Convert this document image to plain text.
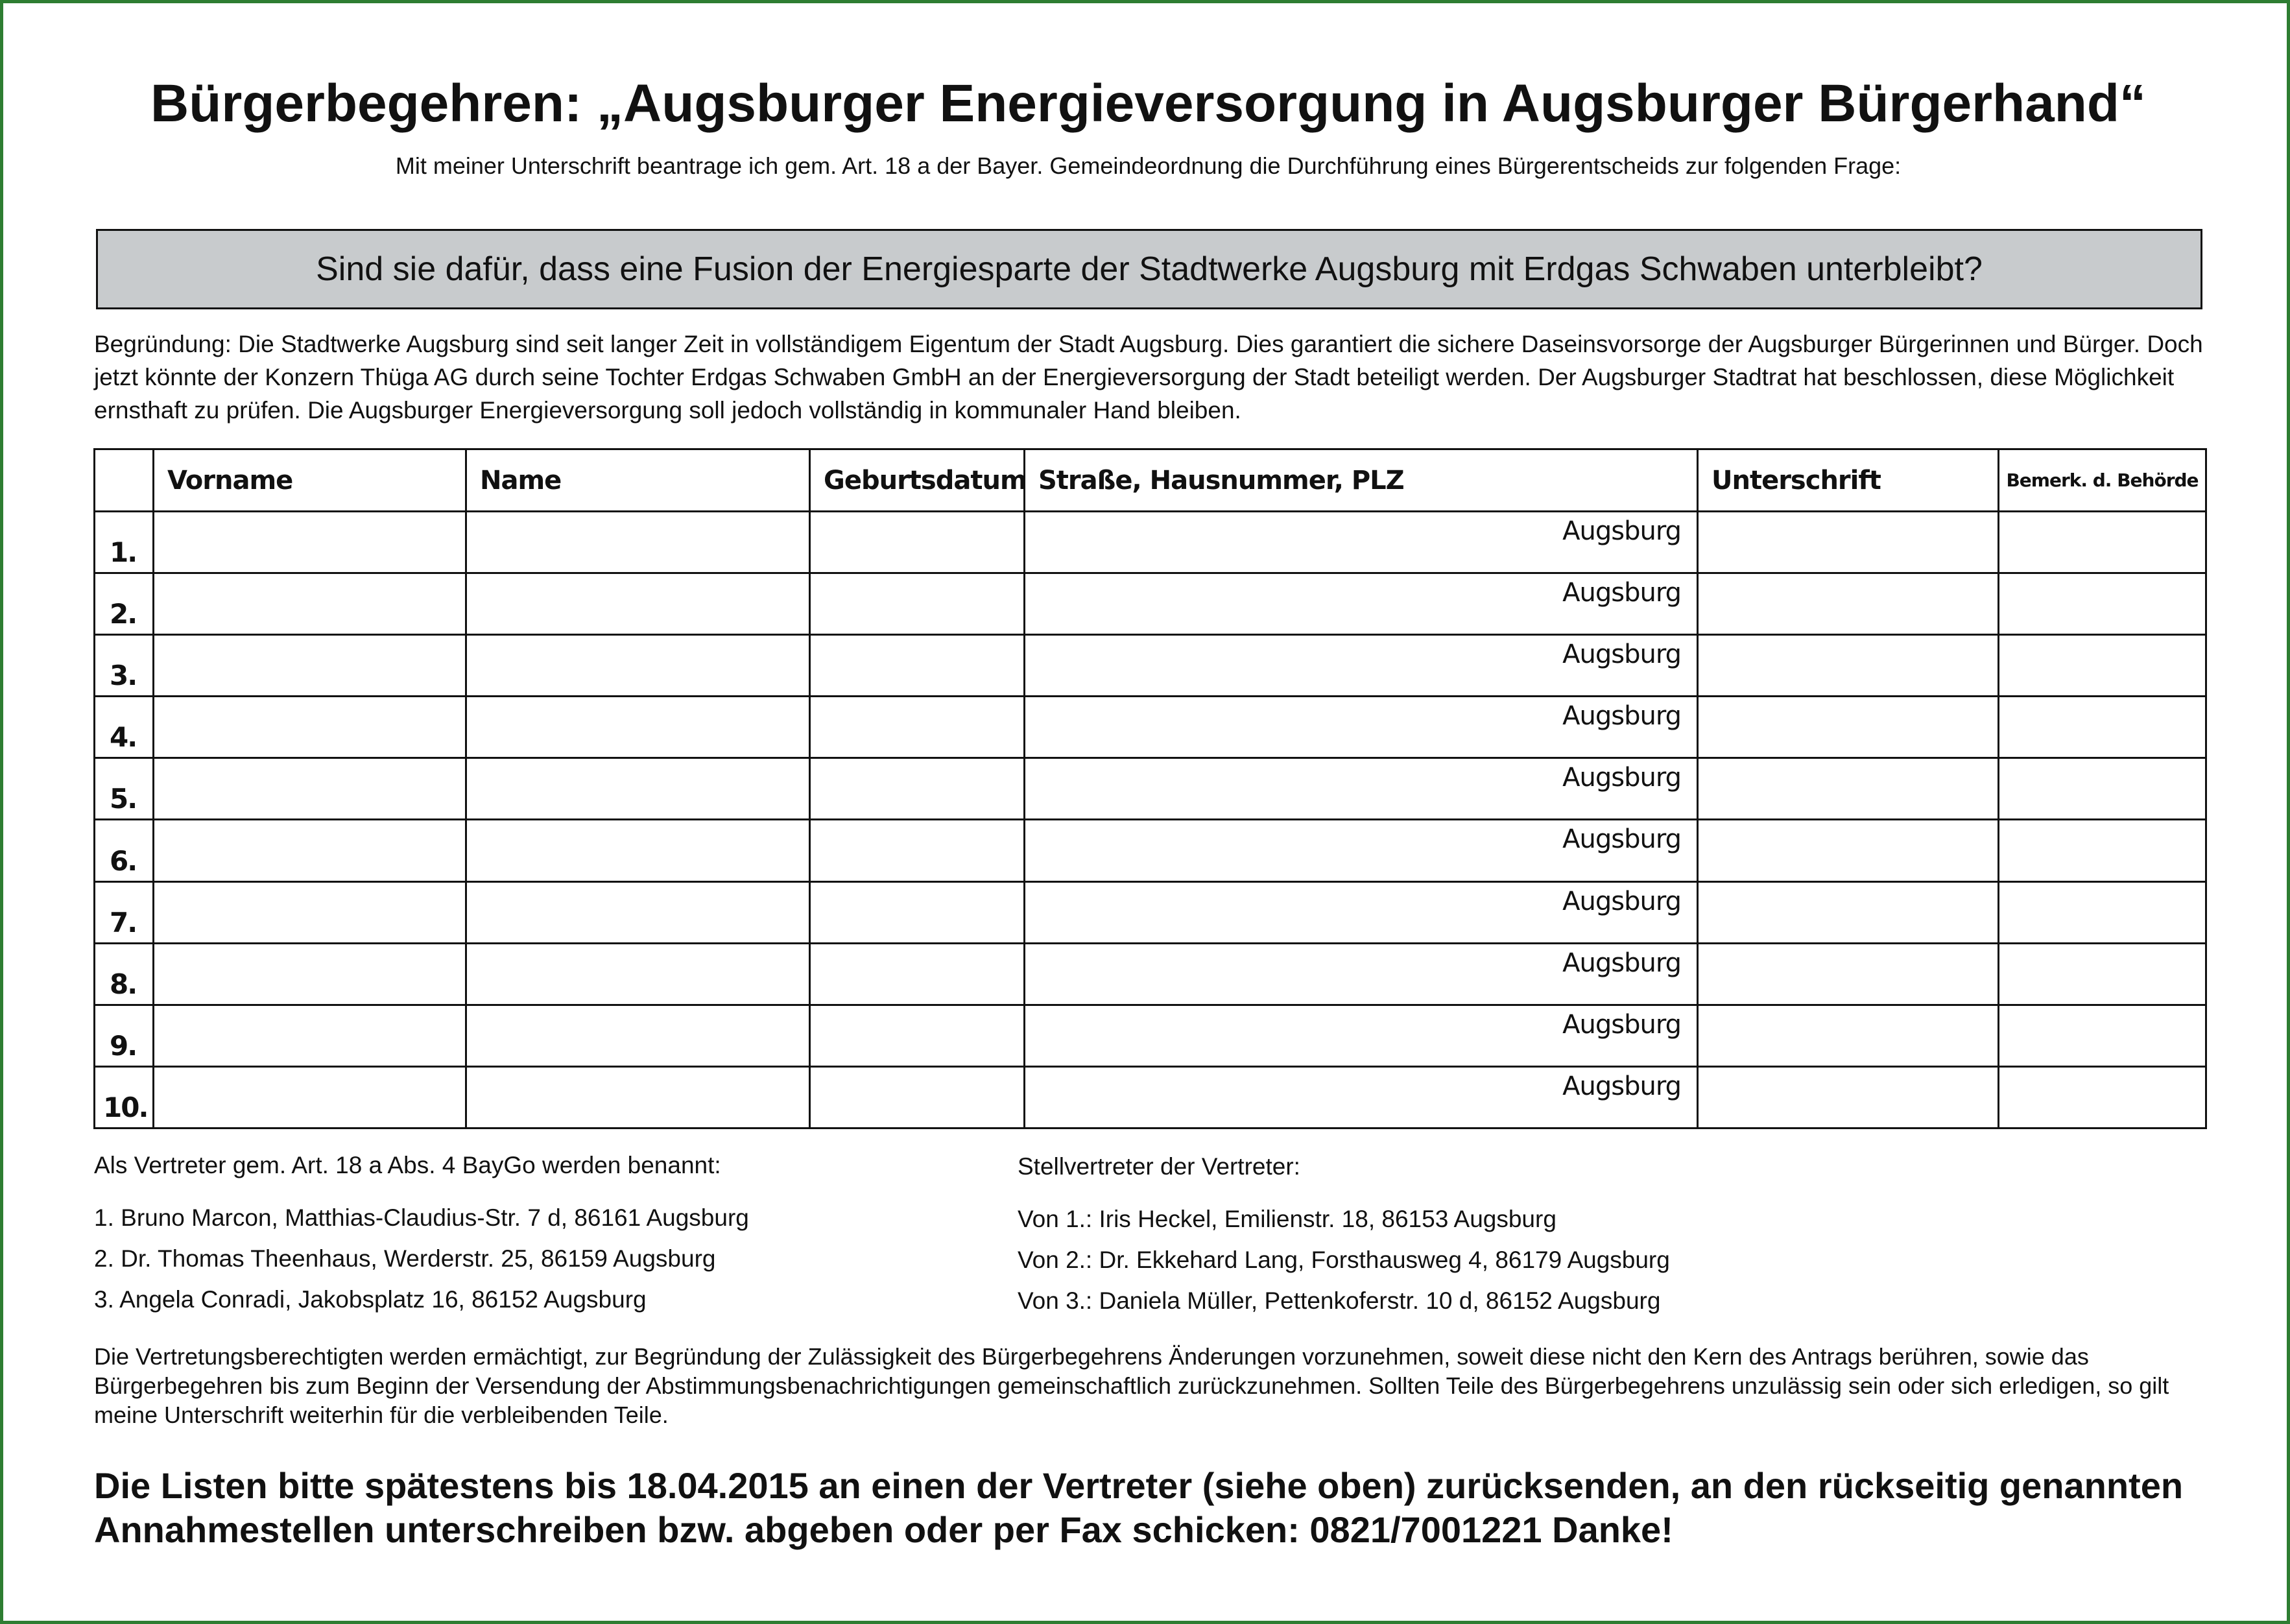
Bürgerbegehren: „Augsburger Energieversorgung in Augsburger Bürgerhand“
Mit meiner Unterschrift beantrage ich gem. Art. 18 a der Bayer. Gemeindeordnung die Durchführung eines Bürgerentscheids zur folgenden Frage:
Sind sie dafür, dass eine Fusion der Energiesparte der Stadtwerke Augsburg mit Erdgas Schwaben unterbleibt?
Begründung: Die Stadtwerke Augsburg sind seit langer Zeit in vollständigem Eigentum der Stadt Augsburg. Dies garantiert die sichere Daseinsvorsorge der Augsburger Bürgerinnen und Bürger. Doch jetzt könnte der Konzern Thüga AG durch seine Tochter Erdgas Schwaben GmbH an der Energieversorgung der Stadt beteiligt werden. Der Augsburger Stadtrat hat beschlossen, diese Möglichkeit ernsthaft zu prüfen. Die Augsburger Energieversorgung soll jedoch vollständig in kommunaler Hand bleiben.
	Vorname	Name	Geburtsdatum	Straße, Hausnummer, PLZ	Unterschrift	Bemerk. d. Behörde
1.				Augsburg		
2.				Augsburg		
3.				Augsburg		
4.				Augsburg		
5.				Augsburg		
6.				Augsburg		
7.				Augsburg		
8.				Augsburg		
9.				Augsburg		
10.				Augsburg		
Als Vertreter gem. Art. 18 a Abs. 4 BayGo werden benannt:
1. Bruno Marcon, Matthias-Claudius-Str. 7 d, 86161 Augsburg
2. Dr. Thomas Theenhaus, Werderstr. 25, 86159 Augsburg
3. Angela Conradi, Jakobsplatz 16, 86152 Augsburg
Stellvertreter der Vertreter:
Von 1.: Iris Heckel, Emilienstr. 18, 86153 Augsburg
Von 2.: Dr. Ekkehard Lang, Forsthausweg 4, 86179 Augsburg
Von 3.: Daniela Müller, Pettenkoferstr. 10 d, 86152 Augsburg
Die Vertretungsberechtigten werden ermächtigt, zur Begründung der Zulässigkeit des Bürgerbegehrens Änderungen vorzunehmen, soweit diese nicht den Kern des Antrags berühren, sowie das Bürgerbegehren bis zum Beginn der Versendung der Abstimmungsbenachrichtigungen gemeinschaftlich zurückzunehmen. Sollten Teile des Bürgerbegehrens unzulässig sein oder sich erledigen, so gilt meine Unterschrift weiterhin für die verbleibenden Teile.
Die Listen bitte spätestens bis 18.04.2015 an einen der Vertreter (siehe oben) zurücksenden, an den rückseitig genannten Annahmestellen unterschreiben bzw. abgeben oder per Fax schicken: 0821/7001221 Danke!
